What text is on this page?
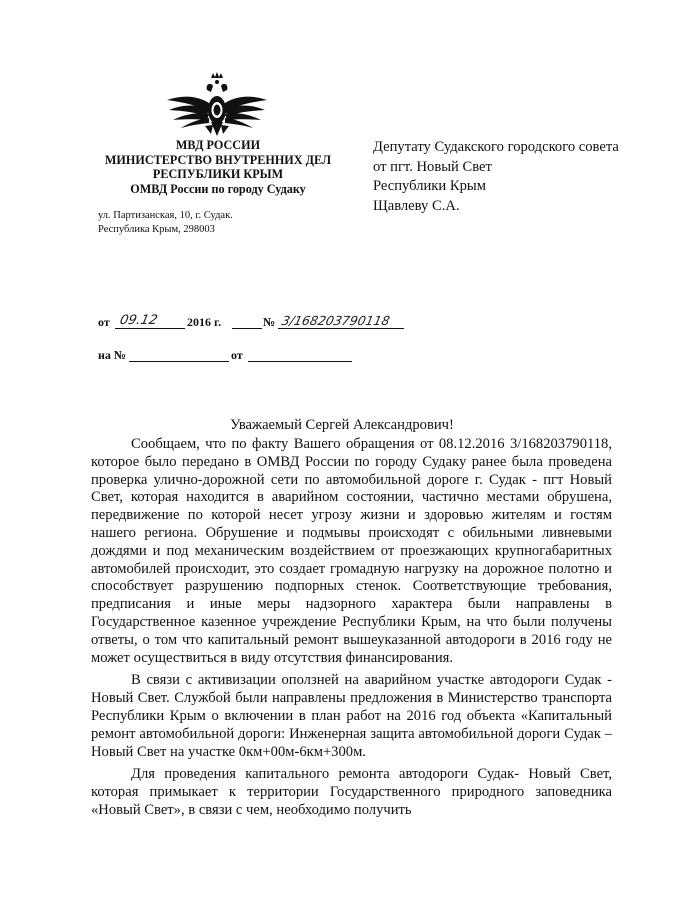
МВД РОССИИ
МИНИСТЕРСТВО ВНУТРЕННИХ ДЕЛ
РЕСПУБЛИКИ КРЫМ
ОМВД России по городу Судаку
ул. Партизанская, 10, г. Судак.
Республика Крым, 298003
Депутату Судакского городского совета
от пгт. Новый Свет
Республики Крым
Щавлеву С.А.
от 09.12 2016 г.	№ 3/168203790118
на №	от
Уважаемый Сергей Александрович!

Сообщаем, что по факту Вашего обращения от 08.12.2016 3/168203790118, которое было передано в ОМВД России по городу Судаку ранее была проведена проверка улично-дорожной сети по автомобильной дороге г. Судак - пгт Новый Свет, которая находится в аварийном состоянии, частично местами обрушена, передвижение по которой несет угрозу жизни и здоровью жителям и гостям нашего региона. Обрушение и подмывы происходят с обильными ливневыми дождями и под механическим воздействием от проезжающих крупногабаритных автомобилей происходит, это создает громадную нагрузку на дорожное полотно и способствует разрушению подпорных стенок. Соответствующие требования, предписания и иные меры надзорного характера были направлены в Государственное казенное учреждение Республики Крым, на что были получены ответы, о том что капитальный ремонт вышеуказанной автодороги в 2016 году не может осуществиться в виду отсутствия финансирования.

В связи с активизации оползней на аварийном участке автодороги Судак - Новый Свет. Службой были направлены предложения в Министерство транспорта Республики Крым о включении в план работ на 2016 год объекта «Капитальный ремонт автомобильной дороги: Инженерная защита автомобильной дороги Судак – Новый Свет на участке 0км+00м-6км+300м.

Для проведения капитального ремонта автодороги Судак- Новый Свет, которая примыкает к территории Государственного природного заповедника «Новый Свет», в связи с чем, необходимо получить
